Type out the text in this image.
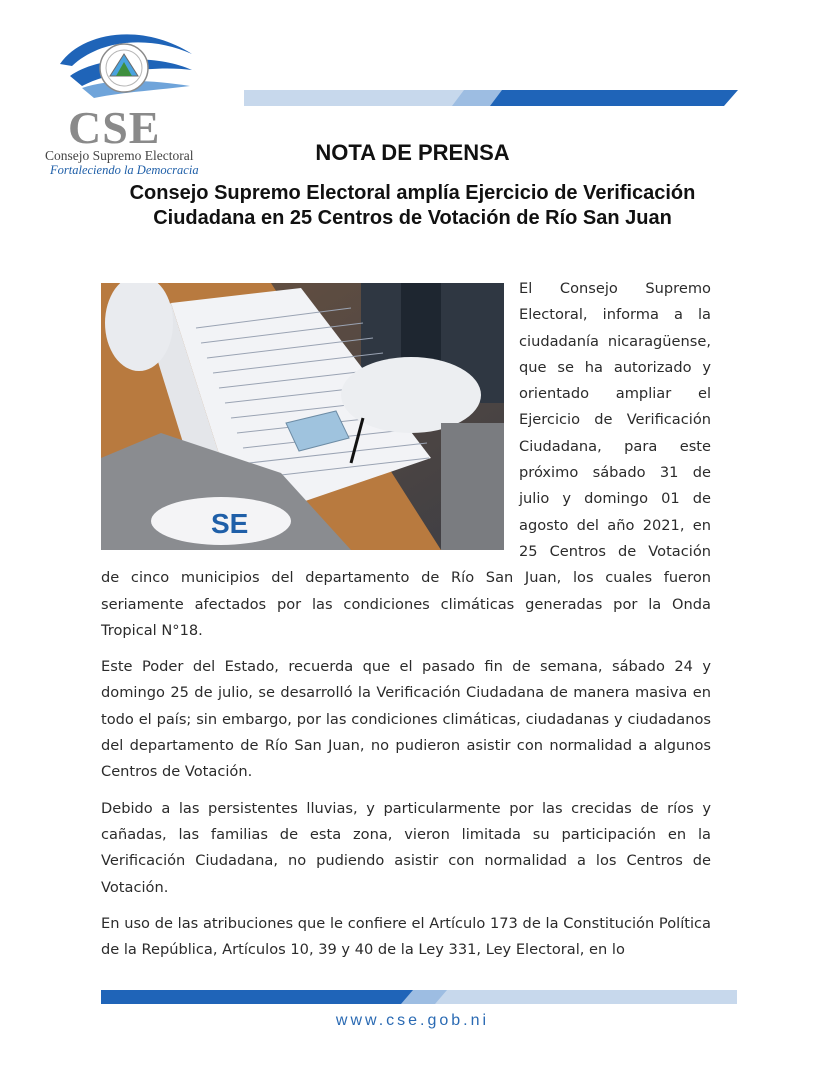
CSE
Consejo Supremo Electoral
Fortaleciendo la Democracia
NOTA DE PRENSA
Consejo Supremo Electoral amplía Ejercicio de Verificación Ciudadana en 25 Centros de Votación de Río San Juan
SE

El Consejo Supremo Electoral, informa a la ciudadanía nicaragüense, que se ha autorizado y orientado ampliar el Ejercicio de Verificación Ciudadana, para este próximo sábado 31 de julio y domingo 01 de agosto del año 2021, en 25 Centros de Votación de cinco municipios del departamento de Río San Juan, los cuales fueron seriamente afectados por las condiciones climáticas generadas por la Onda Tropical N°18.

Este Poder del Estado, recuerda que el pasado fin de semana, sábado 24 y domingo 25 de julio, se desarrolló la Verificación Ciudadana de manera masiva en todo el país; sin embargo, por las condiciones climáticas, ciudadanas y ciudadanos del departamento de Río San Juan, no pudieron asistir con normalidad a algunos Centros de Votación.

Debido a las persistentes lluvias, y particularmente por las crecidas de ríos y cañadas, las familias de esta zona, vieron limitada su participación en la Verificación Ciudadana, no pudiendo asistir con normalidad a los Centros de Votación.

En uso de las atribuciones que le confiere el Artículo 173 de la Constitución Política de la República, Artículos 10, 39 y 40 de la Ley 331, Ley Electoral, en lo

www.cse.gob.ni
